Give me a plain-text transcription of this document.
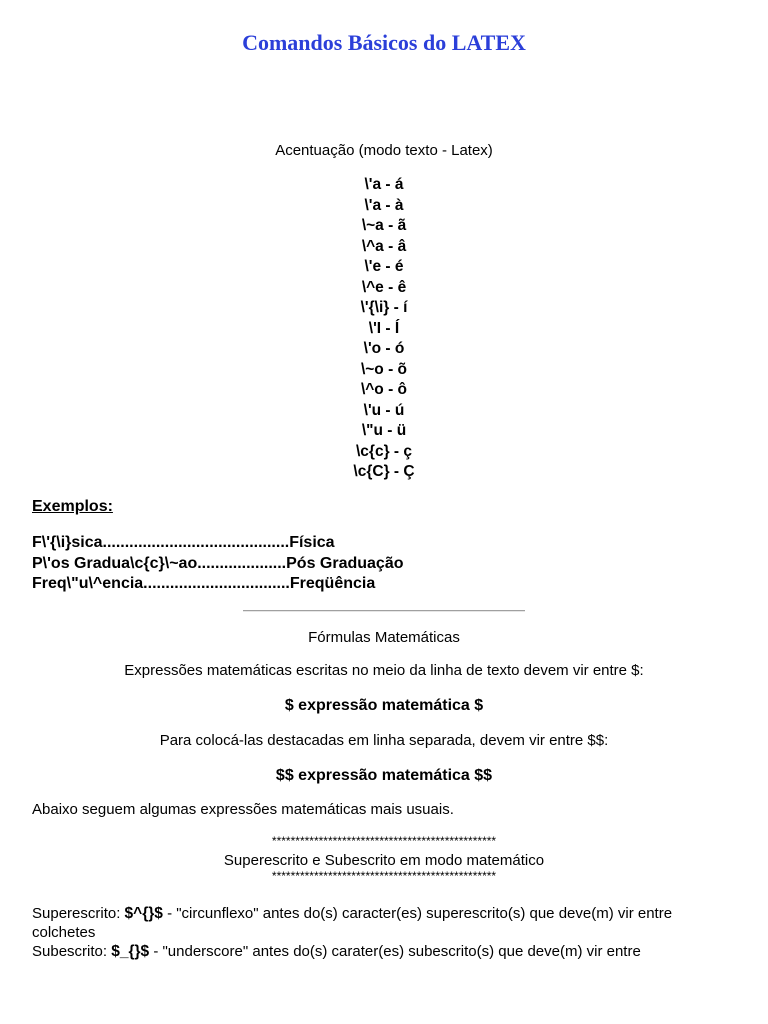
Comandos Básicos do LATEX
Acentuação (modo texto - Latex)
\'a - á
\'a - à
\~a - ã
\^a - â
\'e - é
\^e - ê
\'{\i} - í
\'I - Í
\'o - ó
\~o - õ
\^o - ô
\'u - ú
\"u - ü
\c{c} - ç
\c{C} - Ç
Exemplos:
F\'{\i}sica..........................................Física
P\'os Gradua\c{c}\~ao....................Pós Graduação
Freq\"u\^encia.................................Freqüência
Fórmulas Matemáticas
Expressões matemáticas escritas no meio da linha de texto devem vir entre $:
$ expressão matemática $
Para colocá-las destacadas em linha separada, devem vir entre $$:
$$ expressão matemática $$
Abaixo seguem algumas expressões matemáticas mais usuais.
************************************************
Superescrito e Subescrito em modo matemático
************************************************
Superescrito: $^{}$ - "circunflexo" antes do(s) caracter(es) superescrito(s) que deve(m) vir entre colchetes
Subescrito: $_{}$ - "underscore" antes do(s) carater(es) subescrito(s) que deve(m) vir entre
